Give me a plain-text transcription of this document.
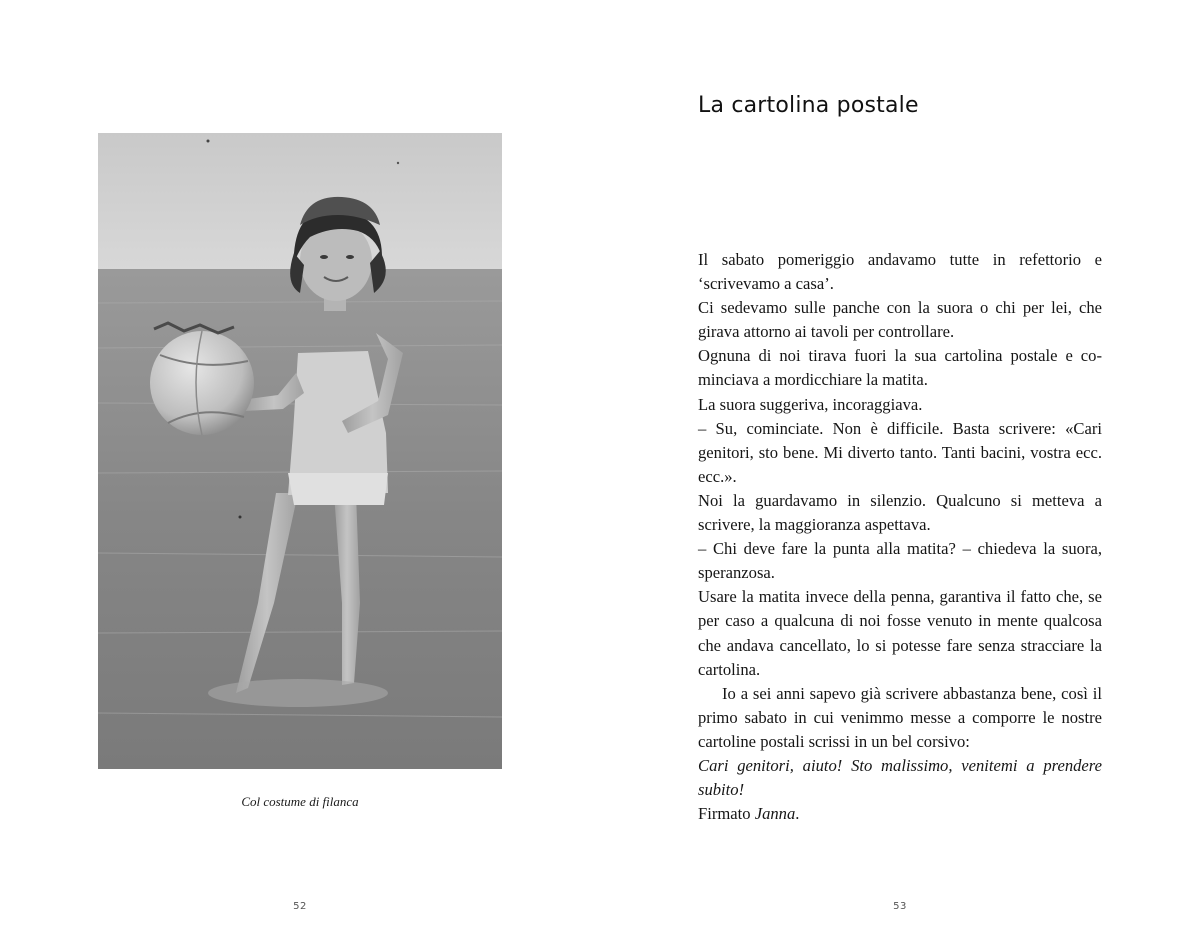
Col costume di filanca
52
La cartolina postale

Il sabato pomeriggio andavamo tutte in refettorio e ‘scrivevamo a casa’.

Ci sedevamo sulle panche con la suora o chi per lei, che girava attorno ai tavoli per controllare.

Ognuna di noi tirava fuori la sua cartolina postale e cominciava a mordicchiare la matita.

La suora suggeriva, incoraggiava.

– Su, cominciate. Non è difficile. Basta scrivere: «Cari genitori, sto bene. Mi diverto tanto. Tanti bacini, vostra ecc. ecc.».

Noi la guardavamo in silenzio. Qualcuno si metteva a scrivere, la maggioranza aspettava.

– Chi deve fare la punta alla matita? – chiedeva la suora, speranzosa.

Usare la matita invece della penna, garantiva il fatto che, se per caso a qualcuna di noi fosse venuto in mente qualcosa che andava cancellato, lo si potesse fare senza stracciare la cartolina.

Io a sei anni sapevo già scrivere abbastanza bene, così il primo sabato in cui venimmo messe a comporre le nostre cartoline postali scrissi in un bel corsivo:

Cari genitori, aiuto! Sto malissimo, venitemi a prendere subito!

Firmato Janna.

53
